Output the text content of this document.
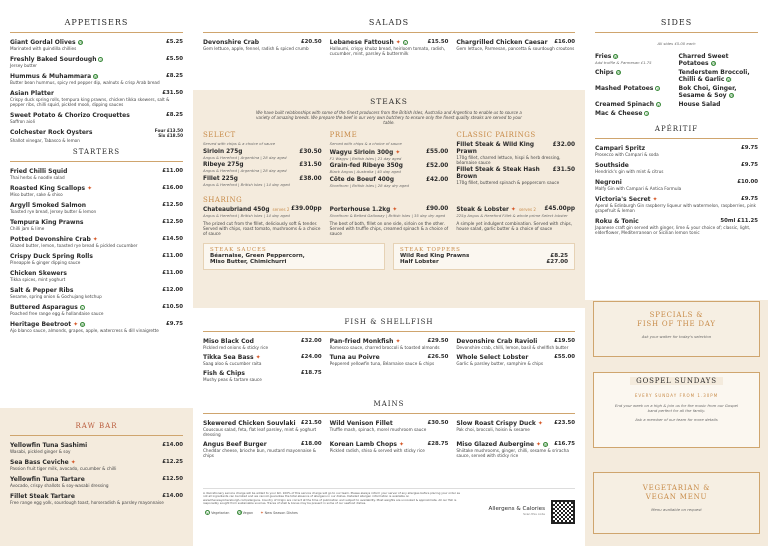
APPETISERS
Giant Gordal Olives VE	£5.25
Marinated with guindilla chillies
Freshly Baked Sourdough V	£5.50
Jersey butter
Hummus & Muhammara VE	£8.25
Butter bean hummus, spicy red pepper dip, walnuts & crisp Arab bread
Asian Platter	£31.50
Crispy duck spring rolls, tempura king prawns, chicken tikka skewers, salt & pepper ribs, chilli squid, pickled mooli, dipping sauces
Sweet Potato & Chorizo Croquettes	£8.25
Saffron aioli
Colchester Rock Oysters	Four £13.50
Six £18.50
Shallot vinegar, Tabasco & lemon
STARTERS
Fried Chilli Squid	£11.00
Thai herbs & noodle salad
Roasted King Scallops ✦	£16.00
Miso butter, sake & shiso
Argyll Smoked Salmon	£12.50
Toasted rye bread, Jersey butter & lemon
Tempura King Prawns	£12.50
Chilli jam & lime
Potted Devonshire Crab ✦	£14.50
Glazed butter, lemon, toasted rye bread & pickled cucumber
Crispy Duck Spring Rolls	£11.00
Pineapple & ginger dipping sauce
Chicken Skewers	£11.00
Tikka spices, mint yoghurt
Salt & Pepper Ribs	£12.00
Sesame, spring onion & Gochujang ketchup
Buttered Asparagus V	£10.50
Poached free range egg & hollandaise sauce
Heritage Beetroot ✦ VE	£9.75
Ajo blanco sauce, almonds, grapes, apple, watercress & dill vinaigrette
RAW BAR
Yellowfin Tuna Sashimi	£14.00
Wasabi, pickled ginger & soy
Sea Bass Ceviche ✦	£12.25
Passion fruit tiger milk, avocado, cucumber & chilli
Yellowfin Tuna Tartare	£12.50
Avocado, crispy shallots & soy-wasabi dressing
Fillet Steak Tartare	£14.00
Free range egg yolk, sourdough toast, horseradish & parsley mayonnaise
SALADS
Devonshire Crab	£20.50
Gem lettuce, apple, fennel, radish & spiced crumb
Lebanese Fattoush ✦ V	£15.50
Halloumi, crispy khubz bread, heirloom tomato, radish, cucumber, mint, parsley & buttermilk
Chargrilled Chicken Caesar £16.00
Gem lettuce, Parmesan, pancetta & sourdough croutons
STEAKS
We have built relationships with some of the finest producers from the British Isles, Australia and Argentina to enable us to source a variety of amazing breeds. We prepare the beef in our very own butchery to ensure only the finest quality steaks are served to your table.
SELECT
Served with chips & a choice of sauce
Sirloin 275g	£30.50
Angus & Hereford | Argentina | 28 day aged
Ribeye 275g	£31.50
Angus & Hereford | Argentina | 28 day aged
Fillet 225g	£38.00
Angus & Hereford | British Isles | 14 day aged
PRIME
Served with chips & a choice of sauce
Wagyu Sirloin 300g ✦	£55.00
F1 Wagyu | British Isles | 21 day aged
Grain-fed Ribeye 350g	£52.00
Black Angus | Australia | 40 day aged
Côte de Boeuf 400g	£42.00
Shorthorn | British Isles | 28 day dry aged
CLASSIC PAIRINGS
Fillet Steak & Wild King Prawn
£32.00
170g fillet, charred lettuce, hispi & herb dressing, béarnaise sauce
Fillet Steak & Steak Hash Brown
£31.50
170g fillet, buttered spinach & peppercorn sauce
SHARING
Chateaubriand 450g serves 2 £39.00pp
Angus & Hereford | British Isles | 14 day aged
The prized cut from the fillet, deliciously soft & tender. Served with chips, roast tomato, mushrooms & a choice of sauce
Porterhouse 1.2kg ✦	£90.00
Shorthorn & Belted Galloway | British Isles | 35 day dry aged
The best of both, fillet on one side, sirloin on the other. Served with truffle chips, creamed spinach & a choice of sauce
Steak & Lobster ✦ serves 2 £45.00pp
225g Angus & Hereford Fillet & whole prime Select lobster
A simple yet indulgent combination. Served with chips, house salad, garlic butter & a choice of sauce
STEAK SAUCES
Béarnaise, Green Peppercorn, Miso Butter, Chimichurri
STEAK TOPPERS
Wild Red King Prawns	£8.25
Half Lobster	£27.00
FISH & SHELLFISH
Miso Black Cod	£32.00
Pickled red onions & sticky rice
Pan-fried Monkfish ✦	£29.50
Romesco sauce, charred broccoli & toasted almonds
Devonshire Crab Ravioli	£19.50
Devonshire crab, chilli, lemon, basil & shellfish butter
Tikka Sea Bass ✦	£24.00
Saag aloo & cucumber raita
Tuna au Poivre	£26.50
Peppered yellowfin tuna, Béarnaise sauce & chips
Whole Select Lobster	£55.00
Garlic & parsley butter, samphire & chips
Fish & Chips	£18.75
Mushy peas & tartare sauce
MAINS
Skewered Chicken Souvlaki £21.50
Couscous salad, feta, flat leaf parsley, mint & yoghurt dressing
Wild Venison Fillet	£30.50
Truffle mash, spinach, morel mushroom sauce
Slow Roast Crispy Duck ✦ £23.50
Pak choi, broccoli, hoisin & sesame
Angus Beef Burger	£18.00
Cheddar cheese, brioche bun, mustard mayonnaise & chips
Korean Lamb Chops ✦	£28.75
Pickled radish, shiso & served with sticky rice
Miso Glazed Aubergine ✦ VE £16.75
Shiitake mushrooms, ginger, chilli, sesame & sriracha sauce, served with sticky rice
A discretionary service charge will be added to your bill. 100% of this service charge will go to our team. Please always inform your server of any allergies before placing your order as not all ingredients can be listed and we cannot guarantee the total absence of allergens in our dishes. Detailed allergen information is available on www.thenewyorkersburgh.com/allergens. Country of Origin are correct at the time of publication and subject to availability. Most weights are uncooked & approximate. All our fish is responsibly sought from sustainable sources. Traces of shell & bones may be present in some of our seafood dishes.
V Vegetarian	VE Vegan ✦ New Season Dishes
Allergens & Calories
Scan this code
SIDES
All sides £5.00 each
Fries VE
Add truffle & Parmesan £1.75
Charred Sweet Potatoes VE
Chips VE	Tenderstem Broccoli, Chilli & Garlic VE
Mashed Potatoes V	Bok Choi, Ginger, Sesame & Soy VE
Creamed Spinach V	House Salad
Mac & Cheese V
APÉRITIF
Campari Spritz	£9.75
Prosecco with Campari & soda
Southside	£9.75
Hendrick's gin with mint & citrus
Negroni	£10.00
Malfy Gin with Campari & Antica Formula
Victoria's Secret ✦	£9.75
Aperol & Edinburgh Gin raspberry liqueur with watermelon, raspberries, pink grapefruit & lemon
Roku & Tonic	50ml £11.25
Japanese craft gin served with ginger, lime & your choice of; classic, light, elderflower, Mediterranean or Sicilian lemon tonic
SPECIALS &
FISH OF THE DAY
Ask your waiter for today's selection
GOSPEL SUNDAYS
EVERY SUNDAY FROM 1.30PM
End your week on a high & join us for the music from our Gospel band perfect for all the family.
Ask a member of our team for more details
VEGETARIAN &
VEGAN MENU
Menu available on request
